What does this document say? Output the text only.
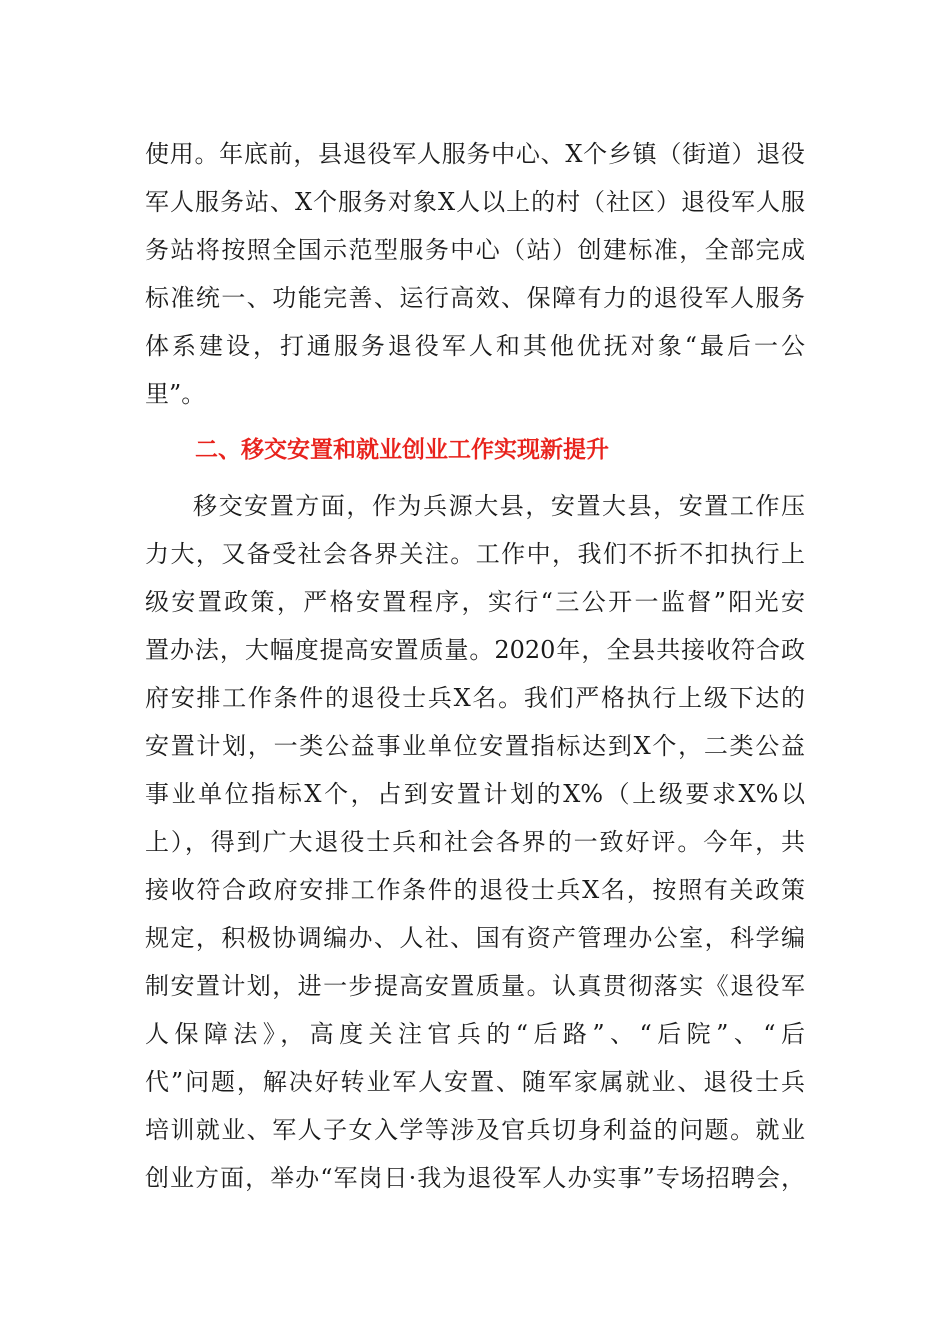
使用。年底前，县退役军人服务中心、X个乡镇（街道）退役
军人服务站、X个服务对象X人以上的村（社区）退役军人服
务站将按照全国示范型服务中心（站）创建标准，全部完成
标准统一、功能完善、运行高效、保障有力的退役军人服务
体系建设，打通服务退役军人和其他优抚对象“最后一公
里”。
二、移交安置和就业创业工作实现新提升
移交安置方面，作为兵源大县，安置大县，安置工作压
力大，又备受社会各界关注。工作中，我们不折不扣执行上
级安置政策，严格安置程序，实行“三公开一监督”阳光安
置办法，大幅度提高安置质量。2020年，全县共接收符合政
府安排工作条件的退役士兵X名。我们严格执行上级下达的
安置计划，一类公益事业单位安置指标达到X个，二类公益
事业单位指标X个，占到安置计划的X%（上级要求X%以
上），得到广大退役士兵和社会各界的一致好评。今年，共
接收符合政府安排工作条件的退役士兵X名，按照有关政策
规定，积极协调编办、人社、国有资产管理办公室，科学编
制安置计划，进一步提高安置质量。认真贯彻落实《退役军
人保障法》，高度关注官兵的“后路”、“后院”、“后
代”问题，解决好转业军人安置、随军家属就业、退役士兵
培训就业、军人子女入学等涉及官兵切身利益的问题。就业
创业方面，举办“军岗日·我为退役军人办实事”专场招聘会，
